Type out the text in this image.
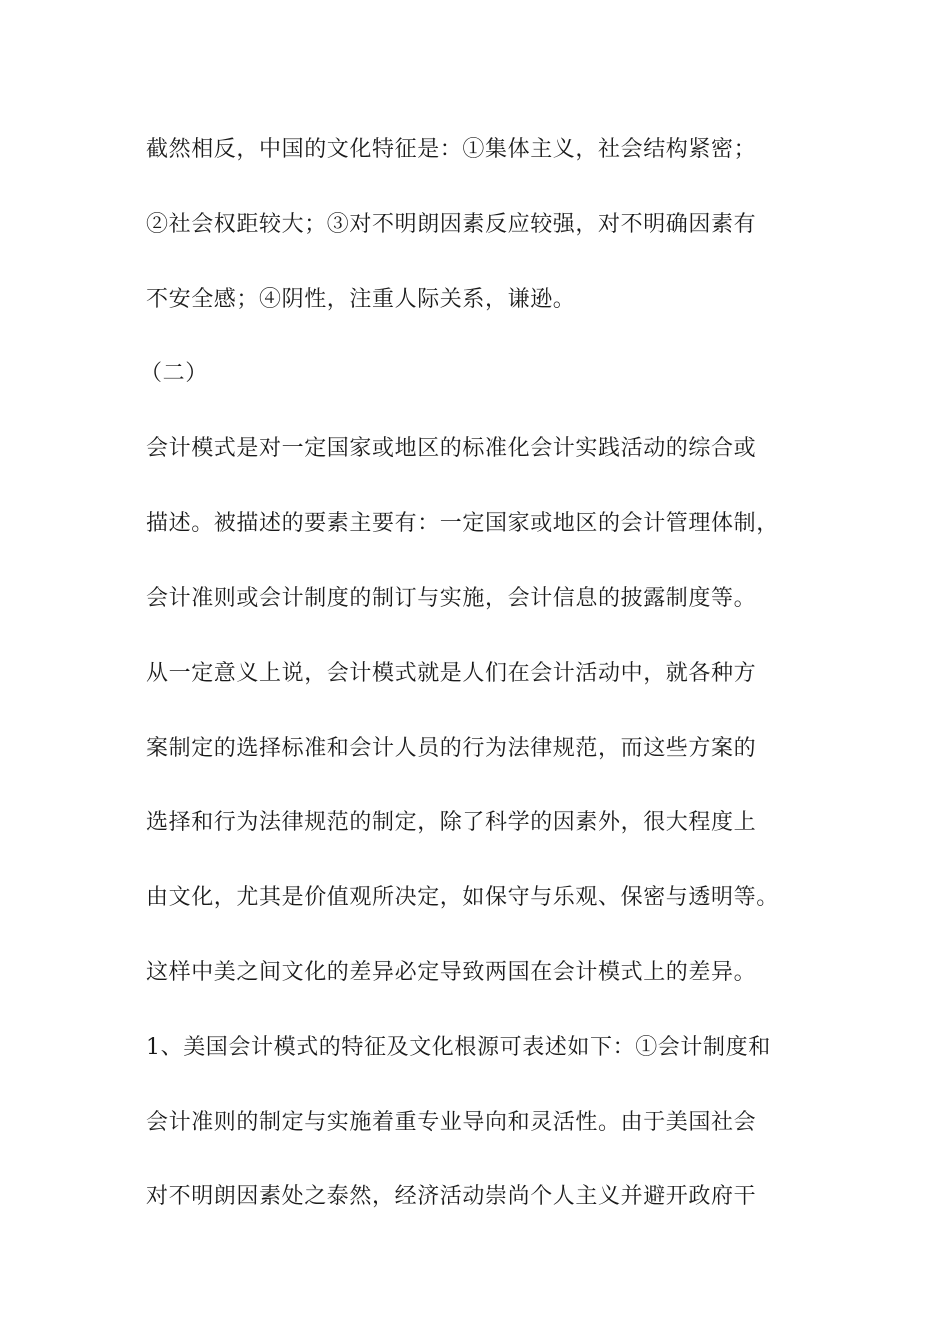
截然相反，中国的文化特征是：①集体主义，社会结构紧密；
②社会权距较大；③对不明朗因素反应较强，对不明确因素有
不安全感；④阴性，注重人际关系，谦逊。
（二）
会计模式是对一定国家或地区的标准化会计实践活动的综合或
描述。被描述的要素主要有：一定国家或地区的会计管理体制，
会计准则或会计制度的制订与实施，会计信息的披露制度等。
从一定意义上说，会计模式就是人们在会计活动中，就各种方
案制定的选择标准和会计人员的行为法律规范，而这些方案的
选择和行为法律规范的制定，除了科学的因素外，很大程度上
由文化，尤其是价值观所决定，如保守与乐观、保密与透明等。
这样中美之间文化的差异必定导致两国在会计模式上的差异。
1、美国会计模式的特征及文化根源可表述如下：①会计制度和
会计准则的制定与实施着重专业导向和灵活性。由于美国社会
对不明朗因素处之泰然，经济活动崇尚个人主义并避开政府干
